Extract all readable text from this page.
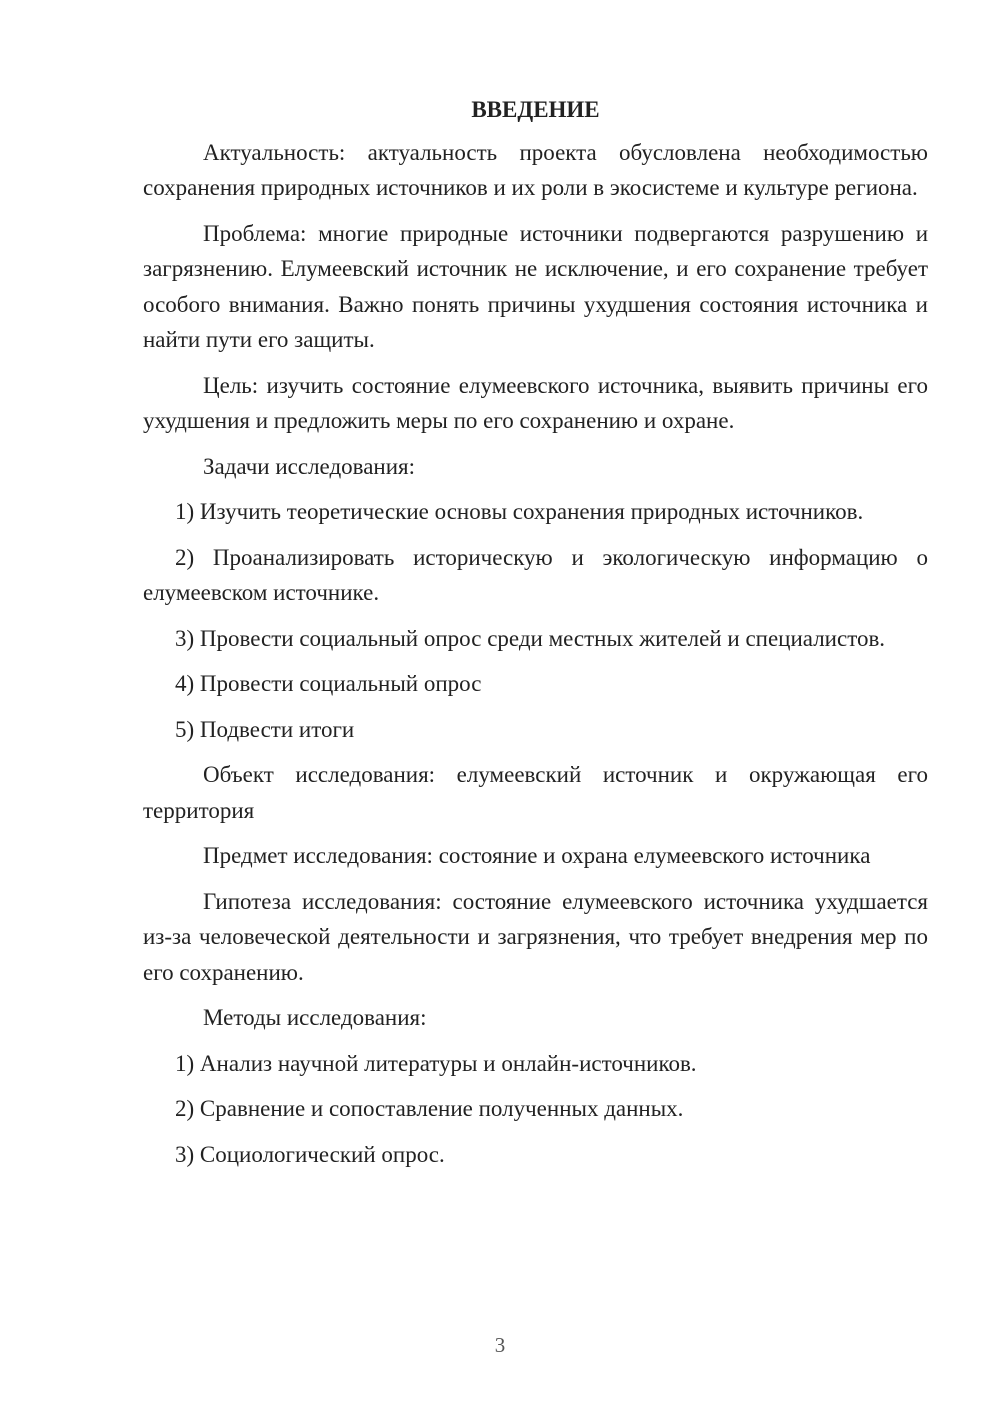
ВВЕДЕНИЕ

Актуальность: актуальность проекта обусловлена необходимостью сохранения природных источников и их роли в экосистеме и культуре региона.

Проблема: многие природные источники подвергаются разрушению и загрязнению. Елумеевский источник не исключение, и его сохранение требует особого внимания. Важно понять причины ухудшения состояния источника и найти пути его защиты.

Цель: изучить состояние елумеевского источника, выявить причины его ухудшения и предложить меры по его сохранению и охране.

Задачи исследования:

1) Изучить теоретические основы сохранения природных источников.

2) Проанализировать историческую и экологическую информацию о елумеевском источнике.

3) Провести социальный опрос среди местных жителей и специалистов.

4) Провести социальный опрос

5) Подвести итоги

Объект исследования: елумеевский источник и окружающая его территория

Предмет исследования: состояние и охрана елумеевского источника

Гипотеза исследования: состояние елумеевского источника ухудшается из-за человеческой деятельности и загрязнения, что требует внедрения мер по его сохранению.

Методы исследования:

1) Анализ научной литературы и онлайн-источников.

2) Сравнение и сопоставление полученных данных.

3) Социологический опрос.

3
